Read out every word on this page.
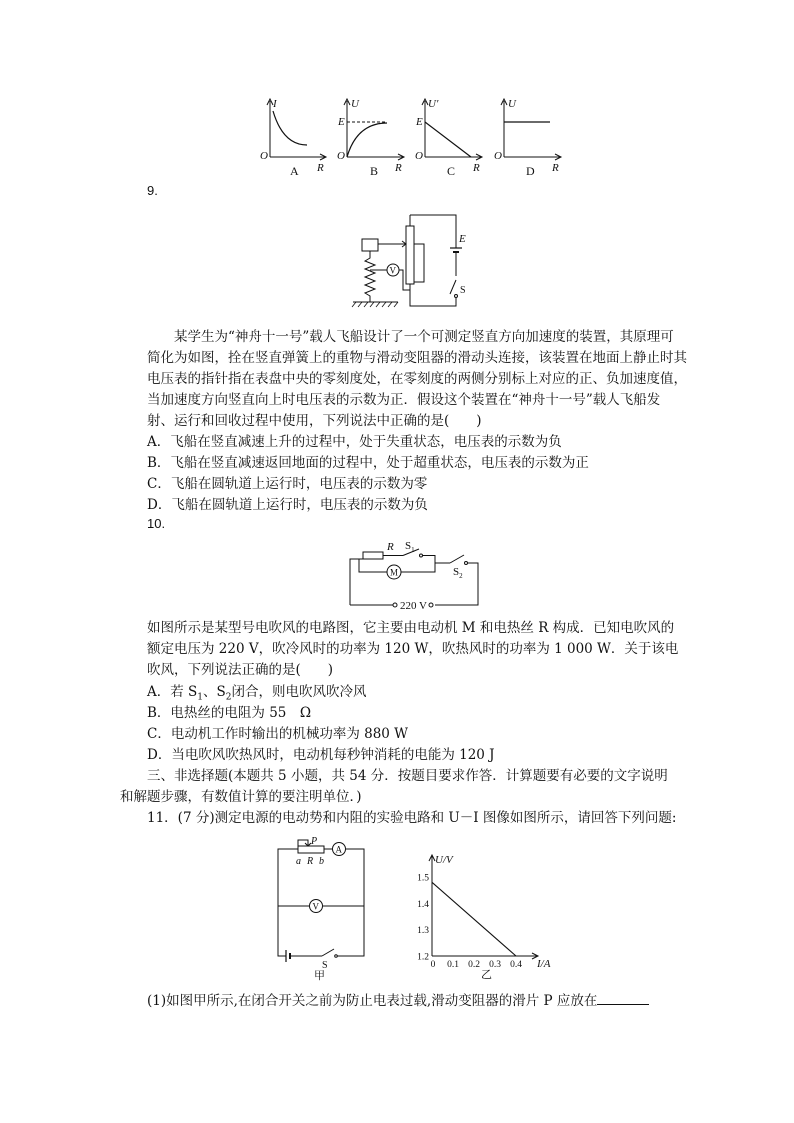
I
O
R
A
U
E
O
R
B
U′
E
O
R
C
U
O
R
D
9.
V
E
S

某学生为“神舟十一号”载人飞船设计了一个可测定竖直方向加速度的装置，其原理可简化为如图，拴在竖直弹簧上的重物与滑动变阻器的滑动头连接，该装置在地面上静止时其电压表的指针指在表盘中央的零刻度处，在零刻度的两侧分别标上对应的正、负加速度值，当加速度方向竖直向上时电压表的示数为正．假设这个装置在“神舟十一号”载人飞船发射、运行和回收过程中使用，下列说法中正确的是(　　)

A．飞船在竖直减速上升的过程中，处于失重状态，电压表的示数为负
B．飞船在竖直减速返回地面的过程中，处于超重状态，电压表的示数为正
C．飞船在圆轨道上运行时，电压表的示数为零
D．飞船在圆轨道上运行时，电压表的示数为负
10.
M
R $S_1$
$S_2$
220 V

如图所示是某型号电吹风的电路图，它主要由电动机 M 和电热丝 R 构成．已知电吹风的额定电压为 220 V，吹冷风时的功率为 120 W，吹热风时的功率为 1 000 W．关于该电吹风，下列说法正确的是(　　)

A．若 $S_1$、$S_2$闭合，则电吹风吹冷风
B．电热丝的电阻为 55　Ω
C．电动机工作时输出的机械功率为 880 W
D．当电吹风吹热风时，电动机每秒钟消耗的电能为 120 J

三、非选择题(本题共 5 小题，共 54 分．按题目要求作答．计算题要有必要的文字说明和解题步骤，有数值计算的要注明单位．)

11．(7 分)测定电源的电动势和内阻的实验电路和 U－I 图像如图所示，请回答下列问题:
A
V
P
a R b
S
甲
0 0.1 0.2 0.3 0.4
1.2
1.3
1.4
1.5
U/V
I/A
乙
(1)如图甲所示,在闭合开关之前为防止电表过载,滑动变阻器的滑片 P 应放在
